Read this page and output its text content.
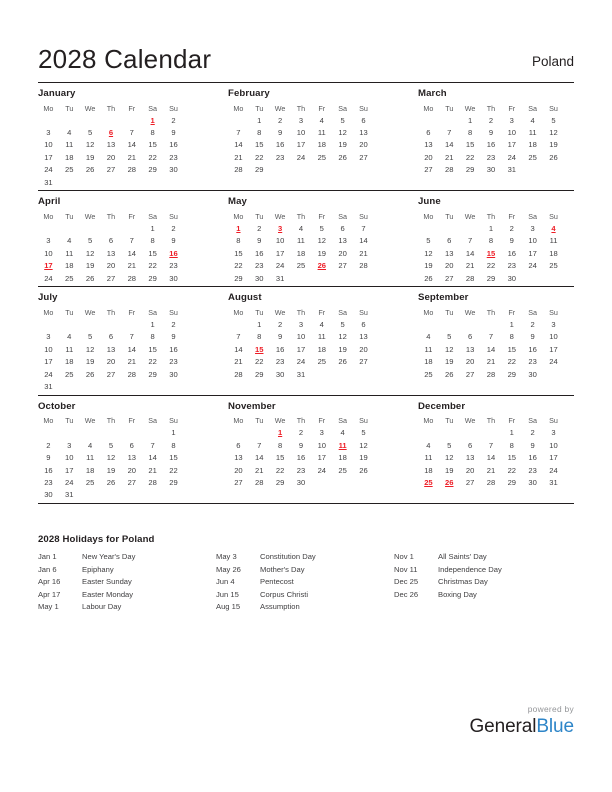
2028 Calendar	Poland
January
Mo	Tu	We	Th	Fr	Sa	Su
					1	2
3	4	5	6	7	8	9
10	11	12	13	14	15	16
17	18	19	20	21	22	23
24	25	26	27	28	29	30
31						
February
Mo	Tu	We	Th	Fr	Sa	Su
	1	2	3	4	5	6
7	8	9	10	11	12	13
14	15	16	17	18	19	20
21	22	23	24	25	26	27
28	29					
March
Mo	Tu	We	Th	Fr	Sa	Su
		1	2	3	4	5
6	7	8	9	10	11	12
13	14	15	16	17	18	19
20	21	22	23	24	25	26
27	28	29	30	31		
April
Mo	Tu	We	Th	Fr	Sa	Su
					1	2
3	4	5	6	7	8	9
10	11	12	13	14	15	16
17	18	19	20	21	22	23
24	25	26	27	28	29	30
May
Mo	Tu	We	Th	Fr	Sa	Su
1	2	3	4	5	6	7
8	9	10	11	12	13	14
15	16	17	18	19	20	21
22	23	24	25	26	27	28
29	30	31				
June
Mo	Tu	We	Th	Fr	Sa	Su
			1	2	3	4
5	6	7	8	9	10	11
12	13	14	15	16	17	18
19	20	21	22	23	24	25
26	27	28	29	30		
July
Mo	Tu	We	Th	Fr	Sa	Su
					1	2
3	4	5	6	7	8	9
10	11	12	13	14	15	16
17	18	19	20	21	22	23
24	25	26	27	28	29	30
31						
August
Mo	Tu	We	Th	Fr	Sa	Su
	1	2	3	4	5	6
7	8	9	10	11	12	13
14	15	16	17	18	19	20
21	22	23	24	25	26	27
28	29	30	31			
September
Mo	Tu	We	Th	Fr	Sa	Su
				1	2	3
4	5	6	7	8	9	10
11	12	13	14	15	16	17
18	19	20	21	22	23	24
25	26	27	28	29	30	
October
Mo	Tu	We	Th	Fr	Sa	Su
						1
2	3	4	5	6	7	8
9	10	11	12	13	14	15
16	17	18	19	20	21	22
23	24	25	26	27	28	29
30	31					
November
Mo	Tu	We	Th	Fr	Sa	Su
		1	2	3	4	5
6	7	8	9	10	11	12
13	14	15	16	17	18	19
20	21	22	23	24	25	26
27	28	29	30			
December
Mo	Tu	We	Th	Fr	Sa	Su
				1	2	3
4	5	6	7	8	9	10
11	12	13	14	15	16	17
18	19	20	21	22	23	24
25	26	27	28	29	30	31
2028 Holidays for Poland
Jan 1	New Year's Day
Jan 6	Epiphany
Apr 16	Easter Sunday
Apr 17	Easter Monday
May 1	Labour Day
May 3	Constitution Day
May 26	Mother's Day
Jun 4	Pentecost
Jun 15	Corpus Christi
Aug 15	Assumption
Nov 1	All Saints' Day
Nov 11	Independence Day
Dec 25	Christmas Day
Dec 26	Boxing Day
powered by
GeneralBlue
